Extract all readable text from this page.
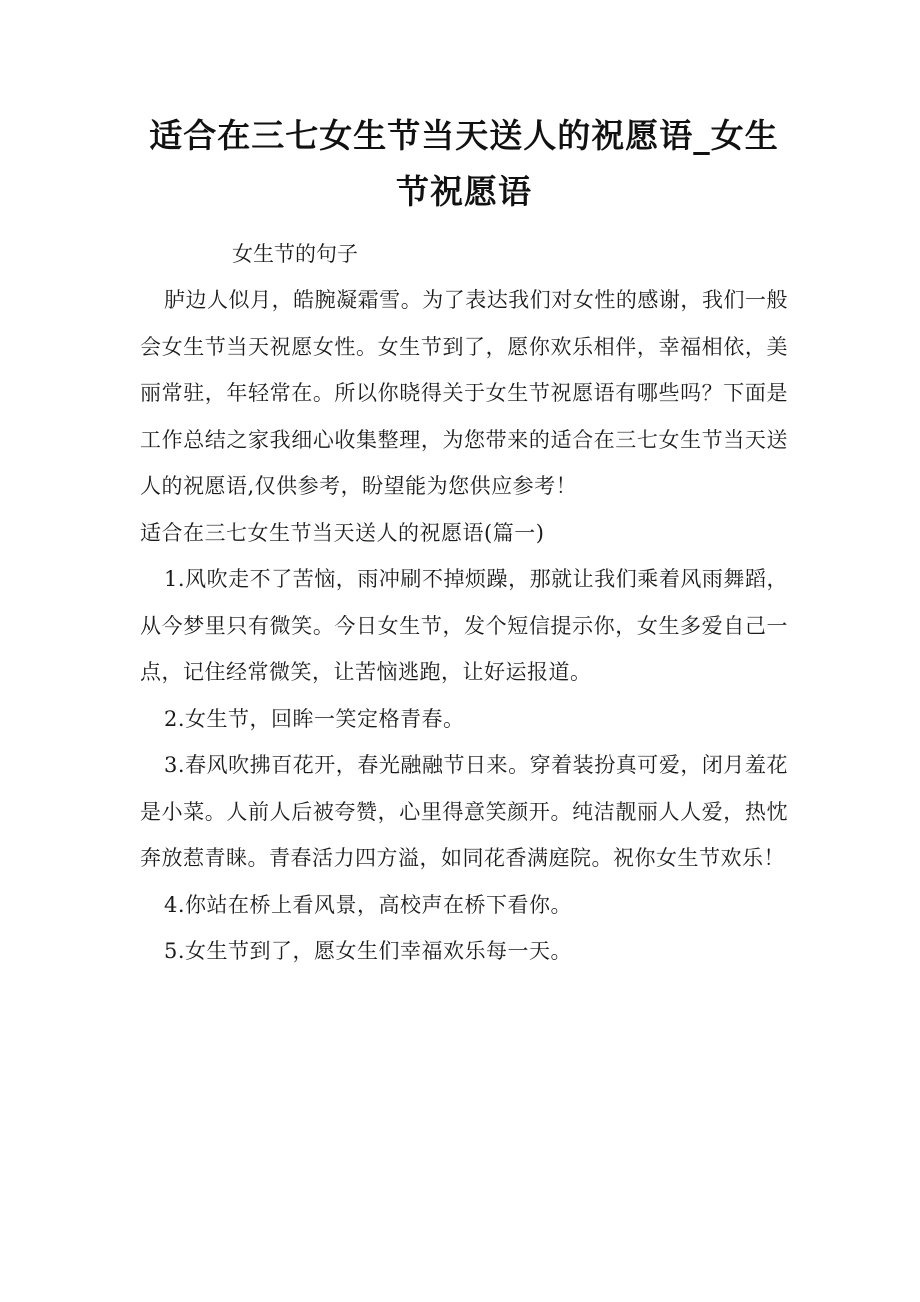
适合在三七女生节当天送人的祝愿语_女生
节祝愿语
女生节的句子

胪边人似月，皓腕凝霜雪。为了表达我们对女性的感谢，我们一般会女生节当天祝愿女性。女生节到了，愿你欢乐相伴，幸福相依，美丽常驻，年轻常在。所以你晓得关于女生节祝愿语有哪些吗？下面是工作总结之家我细心收集整理，为您带来的适合在三七女生节当天送人的祝愿语,仅供参考，盼望能为您供应参考！

适合在三七女生节当天送人的祝愿语(篇一)

1.风吹走不了苦恼，雨冲刷不掉烦躁，那就让我们乘着风雨舞蹈，从今梦里只有微笑。今日女生节，发个短信提示你，女生多爱自己一点，记住经常微笑，让苦恼逃跑，让好运报道。

2.女生节，回眸一笑定格青春。

3.春风吹拂百花开，春光融融节日来。穿着装扮真可爱，闭月羞花是小菜。人前人后被夸赞，心里得意笑颜开。纯洁靓丽人人爱，热忱奔放惹青睐。青春活力四方溢，如同花香满庭院。祝你女生节欢乐！

4.你站在桥上看风景，高校声在桥下看你。

5.女生节到了，愿女生们幸福欢乐每一天。
